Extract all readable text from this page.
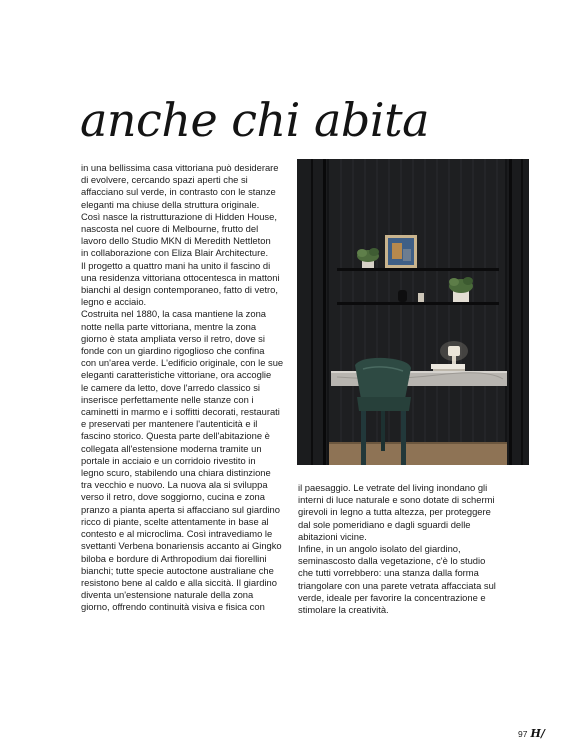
anche chi abita
in una bellissima casa vittoriana può desiderare
di evolvere, cercando spazi aperti che si
affacciano sul verde, in contrasto con le stanze
eleganti ma chiuse della struttura originale.
Così nasce la ristrutturazione di Hidden House,
nascosta nel cuore di Melbourne, frutto del
lavoro dello Studio MKN di Meredith Nettleton
in collaborazione con Eliza Blair Architecture.
Il progetto a quattro mani ha unito il fascino di
una residenza vittoriana ottocentesca in mattoni
bianchi al design contemporaneo, fatto di vetro,
legno e acciaio.
Costruita nel 1880, la casa mantiene la zona
notte nella parte vittoriana, mentre la zona
giorno è stata ampliata verso il retro, dove si
fonde con un giardino rigoglioso che confina
con un'area verde. L'edificio originale, con le sue
eleganti caratteristiche vittoriane, ora accoglie
le camere da letto, dove l'arredo classico si
inserisce perfettamente nelle stanze con i
caminetti in marmo e i soffitti decorati, restaurati
e preservati per mantenere l'autenticità e il
fascino storico. Questa parte dell'abitazione è
collegata all'estensione moderna tramite un
portale in acciaio e un corridoio rivestito in
legno scuro, stabilendo una chiara distinzione
tra vecchio e nuovo. La nuova ala si sviluppa
verso il retro, dove soggiorno, cucina e zona
pranzo a pianta aperta si affacciano sul giardino
ricco di piante, scelte attentamente in base al
contesto e al microclima. Così intravediamo le
svettanti Verbena bonariensis accanto ai Gingko
biloba e bordure di Arthropodium dai fiorellini
bianchi; tutte specie autoctone australiane che
resistono bene al caldo e alla siccità. Il giardino
diventa un'estensione naturale della zona
giorno, offrendo continuità visiva e fisica con
il paesaggio. Le vetrate del living inondano gli
interni di luce naturale e sono dotate di schermi
girevoli in legno a tutta altezza, per proteggere
dal sole pomeridiano e dagli sguardi delle
abitazioni vicine.
Infine, in un angolo isolato del giardino,
seminascosto dalla vegetazione, c'è lo studio
che tutti vorrebbero: una stanza dalla forma
triangolare con una parete vetrata affacciata sul
verde, ideale per favorire la concentrazione e
stimolare la creatività.
97 H/
